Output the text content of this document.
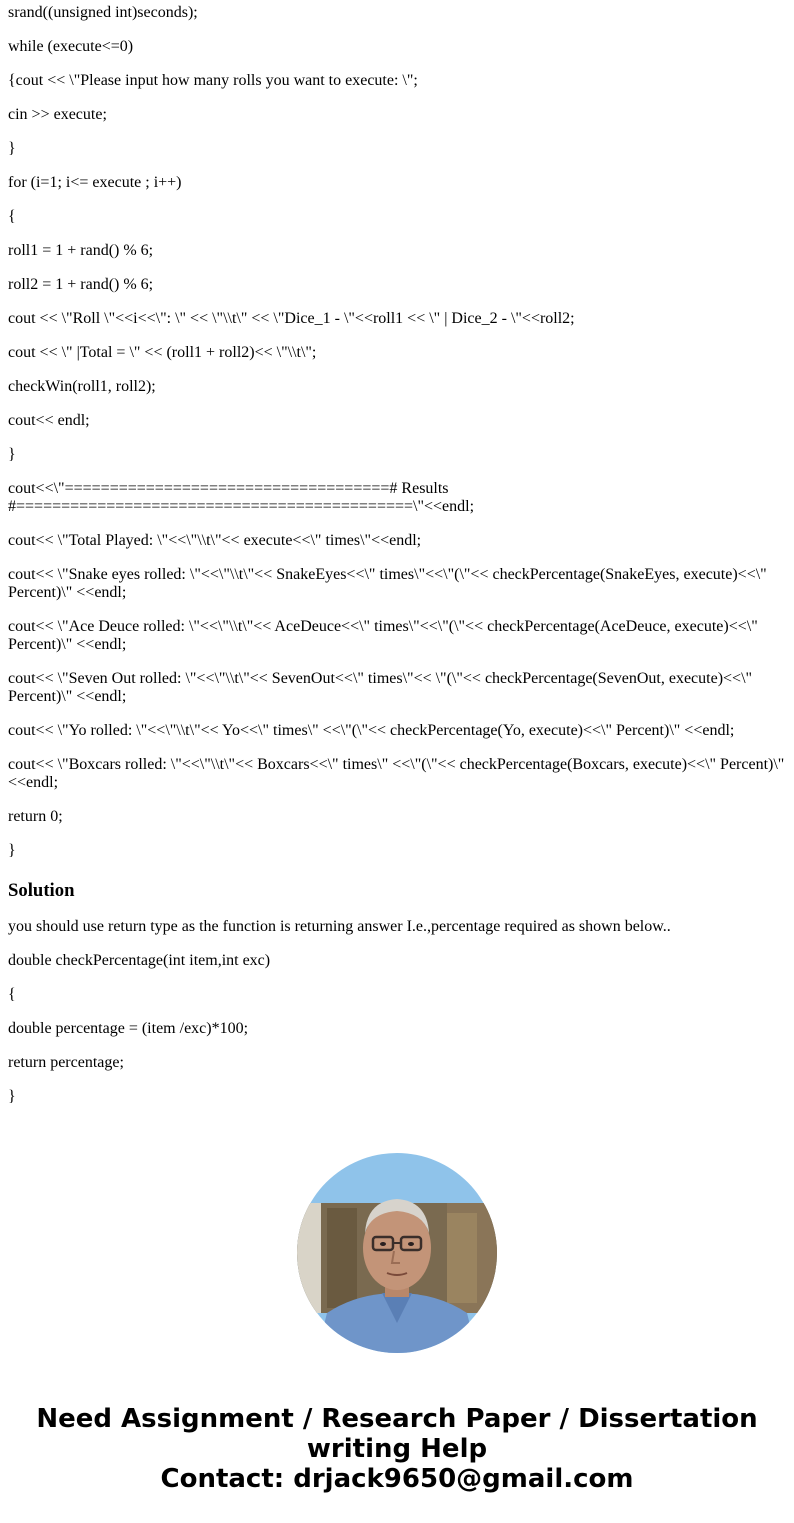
srand((unsigned int)seconds);

while (execute<=0)

{cout << \"Please input how many rolls you want to execute: \";

cin >> execute;

}

for (i=1; i<= execute ; i++)

{

roll1 = 1 + rand() % 6;

roll2 = 1 + rand() % 6;

cout << \"Roll \"<<i<<\": \" << \"\\t\" << \"Dice_1 - \"<<roll1 << \" | Dice_2 - \"<<roll2;

cout << \" |Total = \" << (roll1 + roll2)<< \"\\t\";

checkWin(roll1, roll2);

cout<< endl;

}

cout<<\"====================================# Results #============================================\"<<endl;

cout<< \"Total Played: \"<<\"\\t\"<< execute<<\" times\"<<endl;

cout<< \"Snake eyes rolled: \"<<\"\\t\"<< SnakeEyes<<\" times\"<<\"(\"<< checkPercentage(SnakeEyes, execute)<<\" Percent)\" <<endl;

cout<< \"Ace Deuce rolled: \"<<\"\\t\"<< AceDeuce<<\" times\"<<\"(\"<< checkPercentage(AceDeuce, execute)<<\" Percent)\" <<endl;

cout<< \"Seven Out rolled: \"<<\"\\t\"<< SevenOut<<\" times\"<< \"(\"<< checkPercentage(SevenOut, execute)<<\" Percent)\" <<endl;

cout<< \"Yo rolled: \"<<\"\\t\"<< Yo<<\" times\" <<\"(\"<< checkPercentage(Yo, execute)<<\" Percent)\" <<endl;

cout<< \"Boxcars rolled: \"<<\"\\t\"<< Boxcars<<\" times\" <<\"(\"<< checkPercentage(Boxcars, execute)<<\" Percent)\" <<endl;

return 0;

}

Solution

you should use return type as the function is returning answer I.e.,percentage required as shown below..

double checkPercentage(int item,int exc)

{

double percentage = (item /exc)*100;

return percentage;

}

Need Assignment / Research Paper / Dissertation
writing Help
Contact: drjack9650@gmail.com
